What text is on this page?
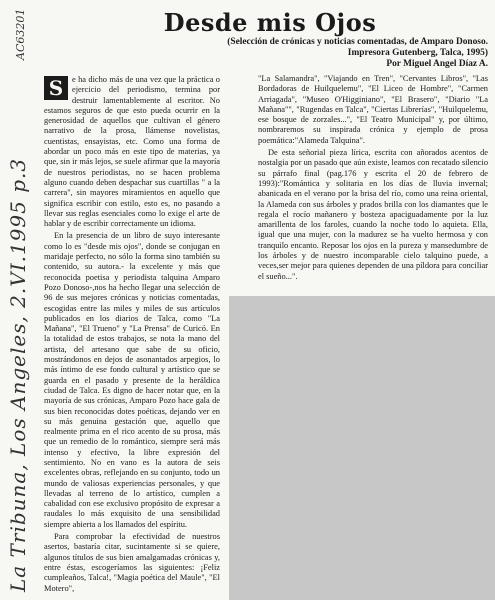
AC63201	Desde mis Ojos
(Selección de crónicas y noticias comentadas, de Amparo Donoso. Impresora Gutenberg, Talca, 1995)
Por Miguel Angel Díaz A.

S	e ha dicho más de una vez que la práctica o ejercicio del periodismo, termina por destruir lamentablemente al escritor. No estamos seguros de que esto pueda ocurrir en la generosidad de aquellos que cultivan el género narrativo de la prosa, llámense novelistas, cuentistas, ensayistas, etc. Como una forma de abordar un poco más en este tipo de materias, ya que, sin ir más lejos, se suele afirmar que la mayoría de nuestros periodistas, no se hacen problema alguno cuando deben despachar sus cuartillas " a la carrera", sin mayores miramientos en aquello que significa escribir con estilo, esto es, no pasando a llevar sus reglas esenciales como lo exige el arte de hablar y de escribir correctamente un idioma.

En la presencia de un libro de suyo interesante como lo es "desde mis ojos", donde se conjugan en maridaje perfecto, no sólo la forma sino también su contenido, su autora.- la excelente y más que reconocida poetisa y periodista talquina Amparo Pozo Donoso-,nos ha hecho llegar una selección de 96 de sus mejores crónicas y noticias comentadas, escogidas entre las miles y miles de sus artículos publicados en los diarios de Talca, como "La Mañana", "El Trueno" y "La Prensa" de Curicó. En la totalidad de estos trabajos, se nota la mano del artista, del artesano que sabe de su oficio, mostrándonos en dejos de asonantados arpegios, lo más íntimo de ese fondo cultural y artístico que se guarda en el pasado y presente de la heráldica ciudad de Talca. Es digno de hacer notar que, en la mayoría de sus crónicas, Amparo Pozo hace gala de sus bien reconocidas dotes poéticas, dejando ver en su más genuina gestación que, aquello que realmente prima en el rico acento de su prosa, más que un remedio de lo romántico, siempre será más intenso y efectivo, la libre expresión del sentimiento. No en vano es la autora de seis excelentes obras, reflejando en su conjunto, todo un mundo de valiosas experiencias personales, y que llevadas al terreno de lo artístico, cumplen a cabalidad con ese exclusivo propósito de expresar a raudales lo más exquisito de una sensibilidad siempre abierta a los llamados del espíritu.

Para comprobar la efectividad de nuestros asertos, bastaría citar, sucintamente si se quiere, algunos títulos de sus bien amalgamadas crónicas y, entre éstas, escogeríamos las siguientes: ¡Feliz cumpleaños, Talca!, "Magia poética del Maule", "El Motero",

"La Salamandra", "Viajando en Tren", "Cervantes Libros", "Las Bordadoras de Huilquelemu", "El Liceo de Hombre", "Carmen Arriagada", "Museo O'Higginiano", "El Brasero", "Diario "La Mañana"", "Rugendas en Talca", "Ciertas Librerías", "Huilquelemu, ese bosque de zorzales...", "El Teatro Municipal" y, por último, nombraremos su inspirada crónica y ejemplo de prosa poemática:"Alameda Talquina".

De esta señorial pieza lírica, escrita con añorados acentos de nostalgia por un pasado que aún existe, leamos con recatado silencio su párrafo final (pag.176 y escrita el 20 de febrero de 1993):"Romántica y solitaria en los días de lluvia invernal; abanicada en el verano por la brisa del río, como una reina oriental, la Alameda con sus árboles y prados brilla con los diamantes que le regala el rocío mañanero y bosteza apaciguadamente por la luz amarillenta de los faroles, cuando la noche todo lo aquieta. Ella, igual que una mujer, con la madurez se ha vuelto hermosa y con tranquilo encanto. Reposar los ojos en la pureza y mansedumbre de los árboles y de nuestro incomparable cielo talquino puede, a veces,ser mejor para quienes dependen de una píldora para conciliar el sueño...".

La Tribuna, Los Angeles, 2.VI.1995 p.3
